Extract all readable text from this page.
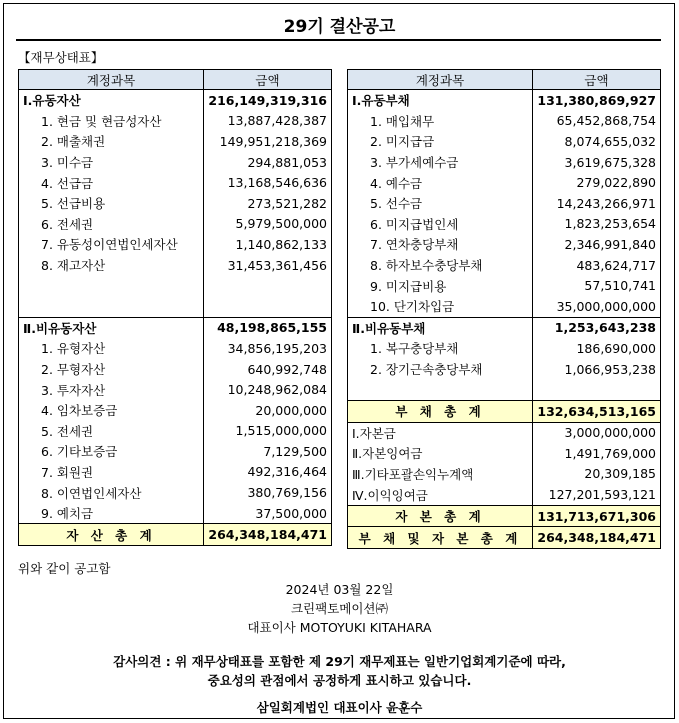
29기 결산공고
【재무상태표】
계정과목	금액
Ⅰ.유동자산	216,149,319,316
1. 현금 및 현금성자산	13,887,428,387
2. 매출채권	149,951,218,369
3. 미수금	294,881,053
4. 선급금	13,168,546,636
5. 선급비용	273,521,282
6. 전세권	5,979,500,000
7. 유동성이연법인세자산	1,140,862,133
8. 재고자산	31,453,361,456

Ⅱ.비유동자산	48,198,865,155
1. 유형자산	34,856,195,203
2. 무형자산	640,992,748
3. 투자자산	10,248,962,084
4. 임차보증금	20,000,000
5. 전세권	1,515,000,000
6. 기타보증금	7,129,500
7. 회원권	492,316,464
8. 이연법인세자산	380,769,156
9. 예치금	37,500,000
자 산 총 계	264,348,184,471
계정과목	금액
Ⅰ.유동부채	131,380,869,927
1. 매입채무	65,452,868,754
2. 미지급금	8,074,655,032
3. 부가세예수금	3,619,675,328
4. 예수금	279,022,890
5. 선수금	14,243,266,971
6. 미지급법인세	1,823,253,654
7. 연차충당부채	2,346,991,840
8. 하자보수충당부채	483,624,717
9. 미지급비용	57,510,741
10. 단기차입금	35,000,000,000
Ⅱ.비유동부채	1,253,643,238
1. 복구충당부채	186,690,000
2. 장기근속충당부채	1,066,953,238

부 채 총 계	132,634,513,165
Ⅰ.자본금	3,000,000,000
Ⅱ.자본잉여금	1,491,769,000
Ⅲ.기타포괄손익누계액	20,309,185
Ⅳ.이익잉여금	127,201,593,121
자 본 총 계	131,713,671,306
부 채 및 자 본 총 계	264,348,184,471
위와 같이 공고함
2024년 03월 22일
크린팩토메이션㈜
대표이사 MOTOYUKI KITAHARA
감사의견 : 위 재무상태표를 포함한 제 29기 재무제표는 일반기업회계기준에 따라,
중요성의 관점에서 공정하게 표시하고 있습니다.
삼일회계법인 대표이사 윤훈수
